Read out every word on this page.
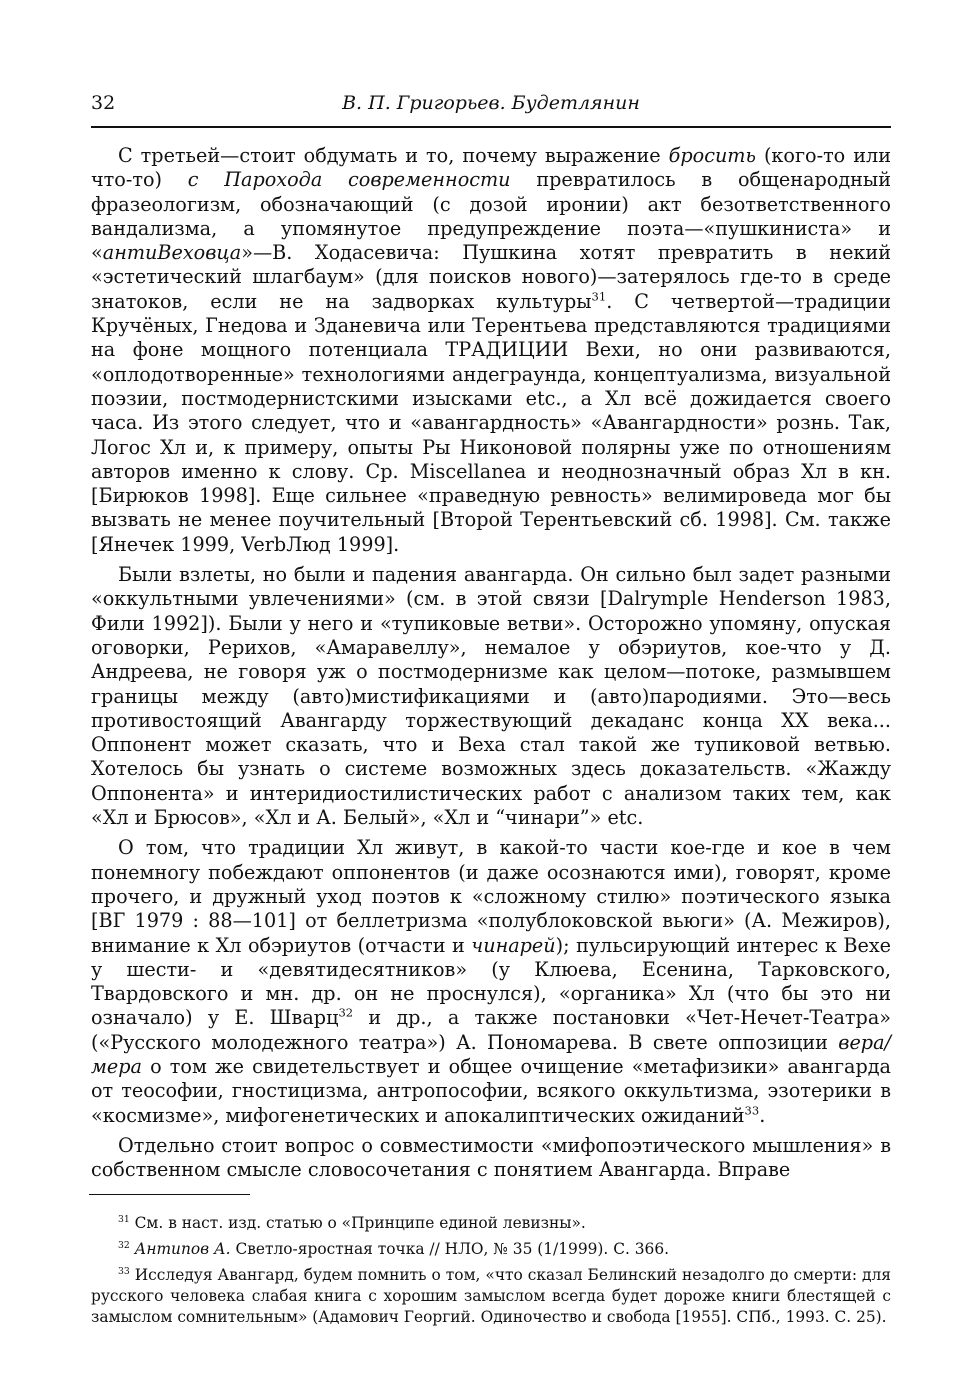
32	В. П. Григорьев. Будетлянин

С третьей—стоит обдумать и то, почему выражение бросить (кого-то или что-то) с Парохода современности превратилось в общенародный фразеологизм, обозначающий (с дозой иронии) акт безответственного вандализма, а упомянутое предупреждение поэта—«пушкиниста» и «антиВеховца»—В. Ходасевича: Пушкина хотят превратить в некий «эстетический шлагбаум» (для поисков нового)—затерялось где-то в среде знатоков, если не на задворках культуры$^{31}$. С четвертой—традиции Кручёных, Гнедова и Зданевича или Терентьева представляются традициями на фоне мощного потенциала ТРАДИЦИИ Вехи, но они развиваются, «оплодотворенные» технологиями андеграунда, концептуализма, визуальной поэзии, постмодернистскими изысками etc., а Хл всё дожидается своего часа. Из этого следует, что и «авангардность» «Авангардности» рознь. Так, Логос Хл и, к примеру, опыты Ры Никоновой полярны уже по отношениям авторов именно к слову. Ср. Miscellanea и неоднозначный образ Хл в кн. [Бирюков 1998]. Еще сильнее «праведную ревность» велимироведа мог бы вызвать не менее поучительный [Второй Терентьевский сб. 1998]. См. также [Янечек 1999, VerbЛюд 1999].

Были взлеты, но были и падения авангарда. Он сильно был задет разными «оккультными увлечениями» (см. в этой связи [Dalrymple Henderson 1983, Фили 1992]). Были у него и «тупиковые ветви». Осторожно упомяну, опуская оговорки, Рерихов, «Амаравеллу», немалое у обэриутов, кое-что у Д. Андреева, не говоря уж о постмодернизме как целом—потоке, размывшем границы между (авто)мистификациями и (авто)пародиями. Это—весь противостоящий Авангарду торжествующий декаданс конца XX века... Оппонент может сказать, что и Веха стал такой же тупиковой ветвью. Хотелось бы узнать о системе возможных здесь доказательств. «Жажду Оппонента» и интеридиостилистических работ с анализом таких тем, как «Хл и Брюсов», «Хл и А. Белый», «Хл и “чинари”» etc.

О том, что традиции Хл живут, в какой-то части кое-где и кое в чем понемногу побеждают оппонентов (и даже осознаются ими), говорят, кроме прочего, и дружный уход поэтов к «сложному стилю» поэтического языка [ВГ 1979 : 88—101] от беллетризма «полублоковской вьюги» (А. Межиров), внимание к Хл обэриутов (отчасти и чинарей); пульсирующий интерес к Вехе у шести- и «девятидесятников» (у Клюева, Есенина, Тарковского, Твардовского и мн. др. он не проснулся), «органика» Хл (что бы это ни означало) у Е. Шварц$^{32}$ и др., а также постановки «Чет-Нечет-Театра» («Русского молодежного театра») А. Пономарева. В свете оппозиции вера/мера о том же свидетельствует и общее очищение «метафизики» авангарда от теософии, гностицизма, антропософии, всякого оккультизма, эзотерики в «космизме», мифогенетических и апокалиптических ожиданий$^{33}$.

Отдельно стоит вопрос о совместимости «мифопоэтического мышления» в собственном смысле словосочетания с понятием Авангарда. Вправе

$^{31}$ См. в наст. изд. статью о «Принципе единой левизны».

$^{32}$ Антипов А. Светло-яростная точка // НЛО, № 35 (1/1999). С. 366.

$^{33}$ Исследуя Авангард, будем помнить о том, «что сказал Белинский незадолго до смерти: для русского человека слабая книга с хорошим замыслом всегда будет дороже книги блестящей с замыслом сомнительным» (Адамович Георгий. Одиночество и свобода [1955]. СПб., 1993. С. 25).
